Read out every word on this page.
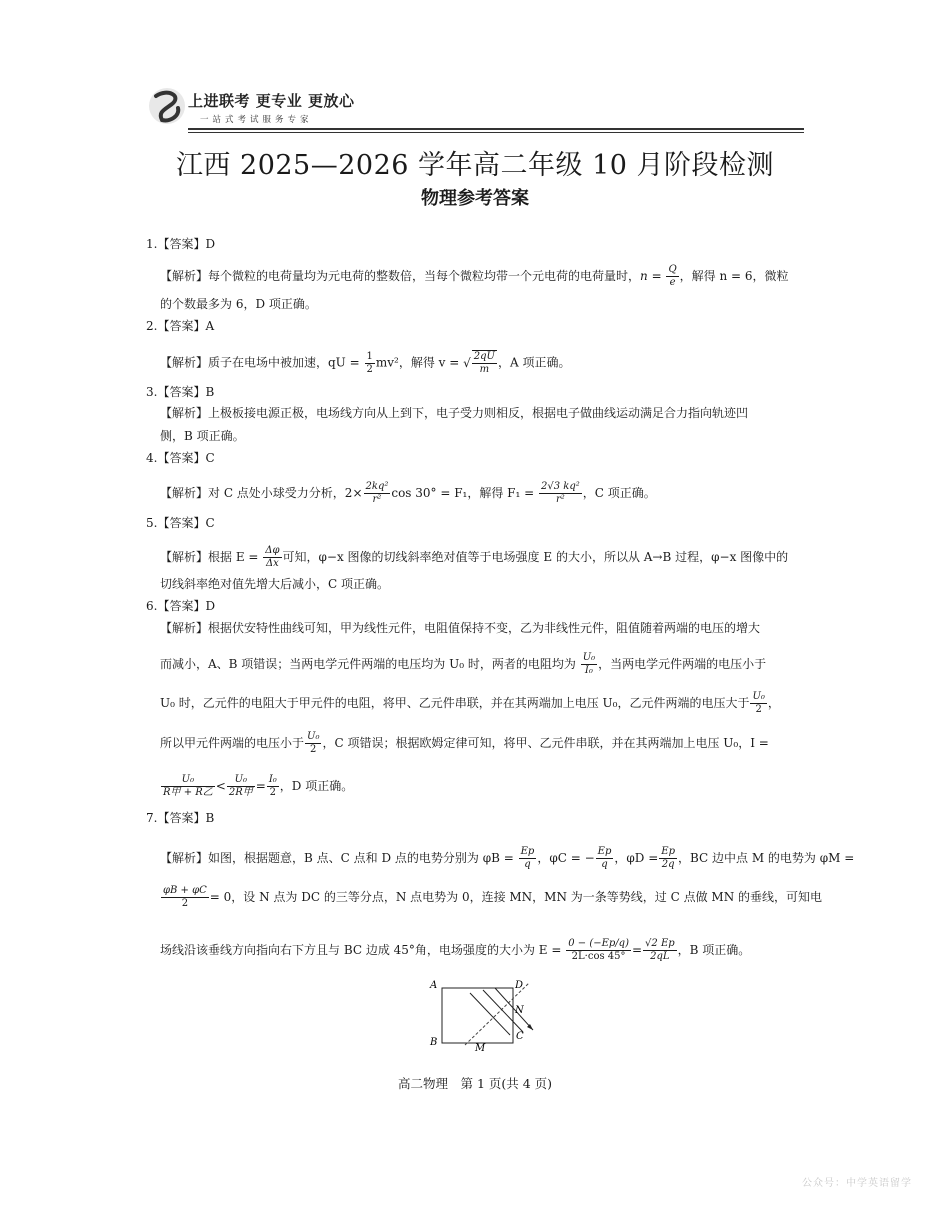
上进联考 更专业 更放心
一站式考试服务专家
江西 2025—2026 学年高二年级 10 月阶段检测
物理参考答案
1.【答案】D
【解析】每个微粒的电荷量均为元电荷的整数倍，当每个微粒均带一个元电荷的电荷量时，$n = \frac{Q}{e}$ ，解得 n = 6，微粒
的个数最多为 6，D 项正确。
2.【答案】A
【解析】质子在电场中被加速，qU = $\frac{1}{2} mv^2$，解得 v = √ $\frac{2qU}{m}$ ，A 项正确。
3.【答案】B
【解析】上极板接电源正极，电场线方向从上到下，电子受力则相反，根据电子做曲线运动满足合力指向轨迹凹
侧，B 项正确。
4.【答案】C
【解析】对 C 点处小球受力分析，$2\times \frac{\text{2kq²}}{\text{r²}}$ cos 30° = F₁，解得 $F_1 = \frac{\text{2√3 kq²}}{\text{r²}}$ ，C 项正确。
5.【答案】C
【解析】根据 $E = \frac{\Delta\varphi}{\Delta x}$ 可知，φ−x 图像的切线斜率绝对值等于电场强度 E 的大小，所以从 A→B 过程，φ−x 图像中的
切线斜率绝对值先增大后减小，C 项正确。
6.【答案】D
【解析】根据伏安特性曲线可知，甲为线性元件，电阻值保持不变，乙为非线性元件，阻值随着两端的电压的增大
而减小，A、B 项错误；当两电学元件两端的电压均为 U₀ 时，两者的电阻均为 $\frac{\text{U₀}}{\text{I₀}}$ ，当两电学元件两端的电压小于
U₀ 时，乙元件的电阻大于甲元件的电阻，将甲、乙元件串联，并在其两端加上电压 U₀，乙元件两端的电压大于 $\frac{\text{U₀}}{2}$ ，
所以甲元件两端的电压小于 $\frac{\text{U₀}}{2}$ ，C 项错误；根据欧姆定律可知，将甲、乙元件串联，并在其两端加上电压 U₀，I =
$\frac{\text{U₀}}{\text{R甲 + R乙}} < \frac{\text{U₀}}{\text{2R甲}} = \frac{\text{I₀}}{2}$ ，D 项正确。
7.【答案】B
【解析】如图，根据题意，B 点、C 点和 D 点的电势分别为 $\varphi B = \frac{Ep}{q}$ ，φC = − $\frac{Ep}{q}$ ，$\varphi D = \frac{Ep}{2q}$ ，BC 边中点 M 的电势为 φM =
$\frac{\varphi B + \varphi C}{2} = 0$，设 N 点为 DC 的三等分点，N 点电势为 0，连接 MN，MN 为一条等势线，过 C 点做 MN 的垂线，可知电
场线沿该垂线方向指向右下方且与 BC 边成 45°角，电场强度的大小为 $E = \frac{0 - (-Ep/q)}{2L\cdot\cos 45^\circ} = \frac{√2 Ep}{2qL}$ ，B 项正确。
A
B
C
D
M
N
高二物理　第 1 页(共 4 页)
公众号：中学英语留学
